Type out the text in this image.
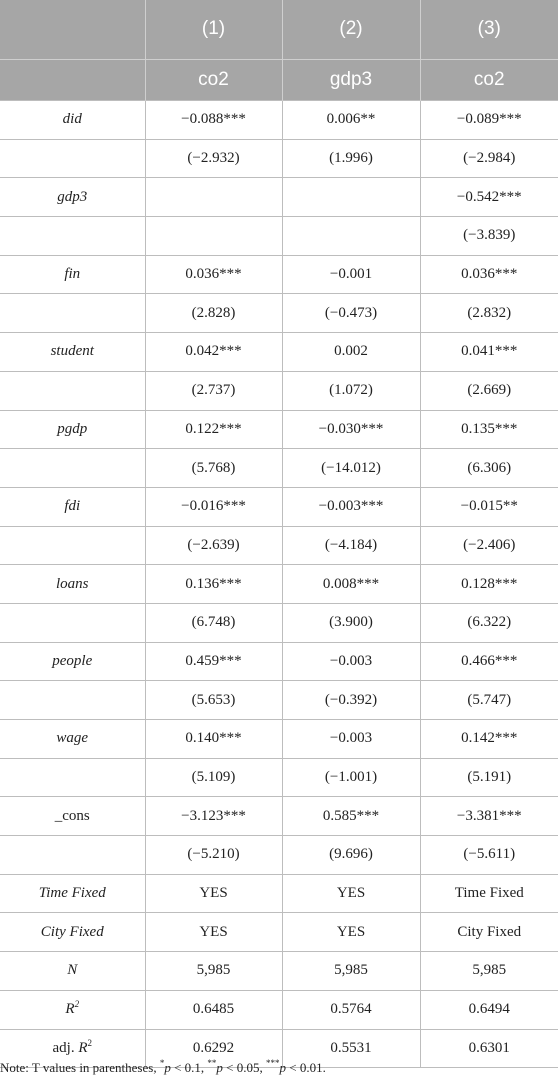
	(1)	(2)	(3)
	co2	gdp3	co2
did	−0.088***	0.006**	−0.089***
	(−2.932)	(1.996)	(−2.984)
gdp3			−0.542***
			(−3.839)
fin	0.036***	−0.001	0.036***
	(2.828)	(−0.473)	(2.832)
student	0.042***	0.002	0.041***
	(2.737)	(1.072)	(2.669)
pgdp	0.122***	−0.030***	0.135***
	(5.768)	(−14.012)	(6.306)
fdi	−0.016***	−0.003***	−0.015**
	(−2.639)	(−4.184)	(−2.406)
loans	0.136***	0.008***	0.128***
	(6.748)	(3.900)	(6.322)
people	0.459***	−0.003	0.466***
	(5.653)	(−0.392)	(5.747)
wage	0.140***	−0.003	0.142***
	(5.109)	(−1.001)	(5.191)
_cons	−3.123***	0.585***	−3.381***
	(−5.210)	(9.696)	(−5.611)
Time Fixed	YES	YES	Time Fixed
City Fixed	YES	YES	City Fixed
N	5,985	5,985	5,985
$R^2$	0.6485	0.5764	0.6494
adj. $R^2$	0.6292	0.5531	0.6301
Note: T values in parentheses, *p < 0.1, **p < 0.05, ***p < 0.01.
